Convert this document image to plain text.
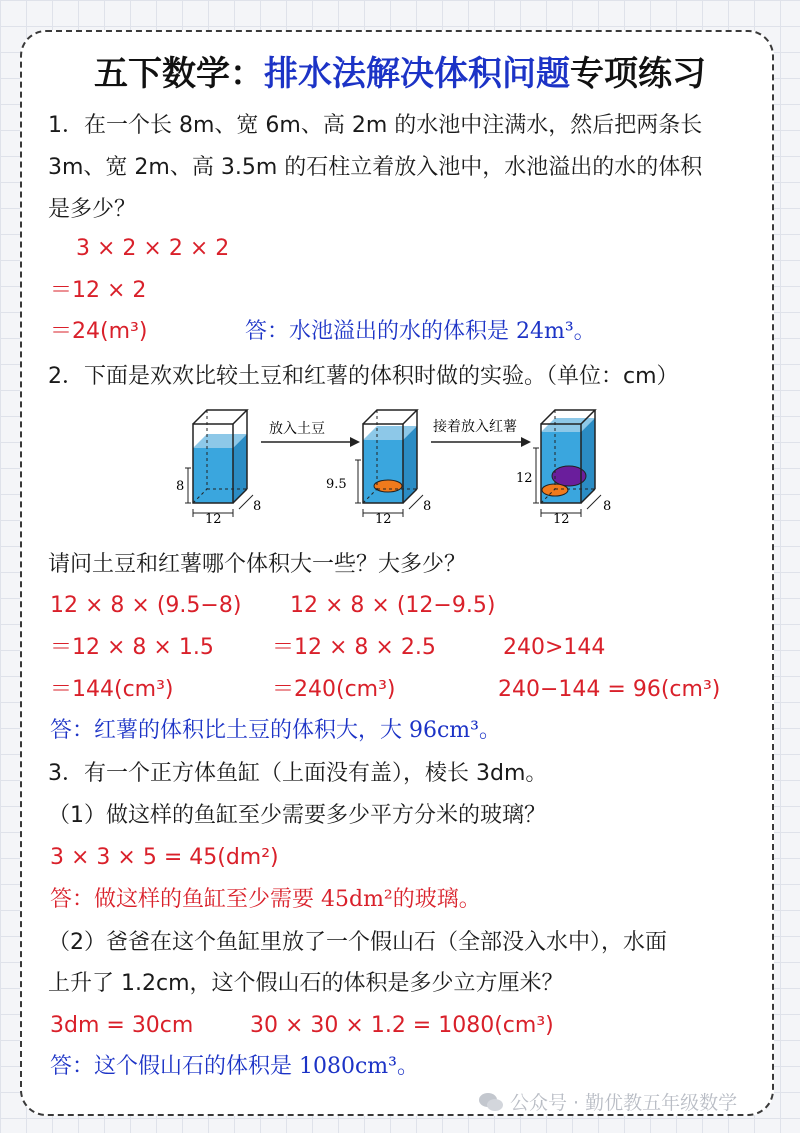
五下数学：排水法解决体积问题专项练习
1．在一个长 8m、宽 6m、高 2m 的水池中注满水，然后把两条长
3m、宽 2m、高 3.5m 的石柱立着放入池中，水池溢出的水的体积
是多少？
3 × 2 × 2 × 2
＝12 × 2
＝24(m³)	答：水池溢出的水的体积是 24m³。
2．下面是欢欢比较土豆和红薯的体积时做的实验。（单位：cm）
8
12
8
放入土豆
9.5
12
8
接着放入红薯
12
12
8
请问土豆和红薯哪个体积大一些？大多少？
12 × 8 × (9.5−8)
＝12 × 8 × 1.5
＝144(cm³)
12 × 8 × (12−9.5)
＝12 × 8 × 2.5
＝240(cm³)
240>144
240−144 = 96(cm³)
答：红薯的体积比土豆的体积大，大 96cm³。
3．有一个正方体鱼缸（上面没有盖），棱长 3dm。
（1）做这样的鱼缸至少需要多少平方分米的玻璃？
3 × 3 × 5 = 45(dm²)
答：做这样的鱼缸至少需要 45dm²的玻璃。
（2）爸爸在这个鱼缸里放了一个假山石（全部没入水中），水面
上升了 1.2cm，这个假山石的体积是多少立方厘米？
3dm = 30cm	30 × 30 × 1.2 = 1080(cm³)
答：这个假山石的体积是 1080cm³。
公众号 · 勤优教五年级数学
